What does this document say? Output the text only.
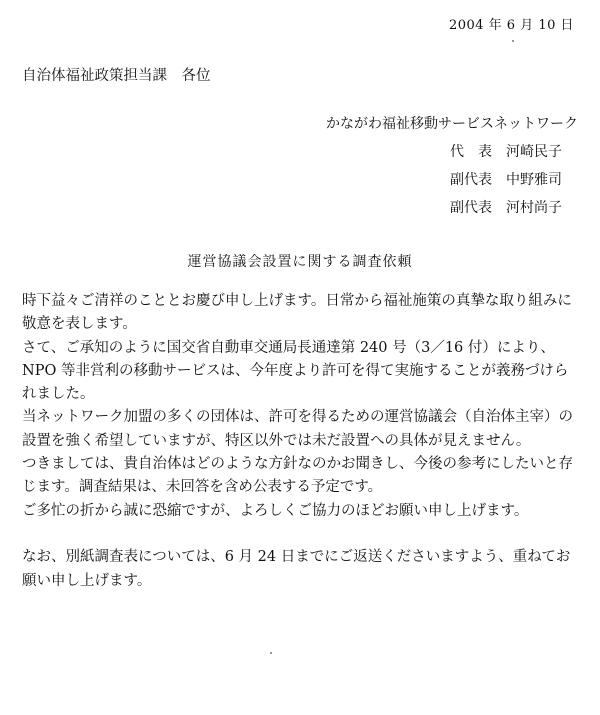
2004 年 6 月 10 日
自治体福祉政策担当課　各位
かながわ福祉移動サービスネットワーク
代　表 河崎民子
副代表 中野雅司
副代表 河村尚子
運営協議会設置に関する調査依頼

時下益々ご清祥のこととお慶び申し上げます。日常から福祉施策の真摯な取り組みに敬意を表します。

さて、ご承知のように国交省自動車交通局長通達第 240 号（3／16 付）により、NPO 等非営利の移動サービスは、今年度より許可を得て実施することが義務づけられました。

当ネットワーク加盟の多くの団体は、許可を得るための運営協議会（自治体主宰）の設置を強く希望していますが、特区以外では未だ設置への具体が見えません。

つきましては、貴自治体はどのような方針なのかお聞きし、今後の参考にしたいと存じます。調査結果は、未回答を含め公表する予定です。

ご多忙の折から誠に恐縮ですが、よろしくご協力のほどお願い申し上げます。

なお、別紙調査表については、6 月 24 日までにご返送くださいますよう、重ねてお願い申し上げます。
